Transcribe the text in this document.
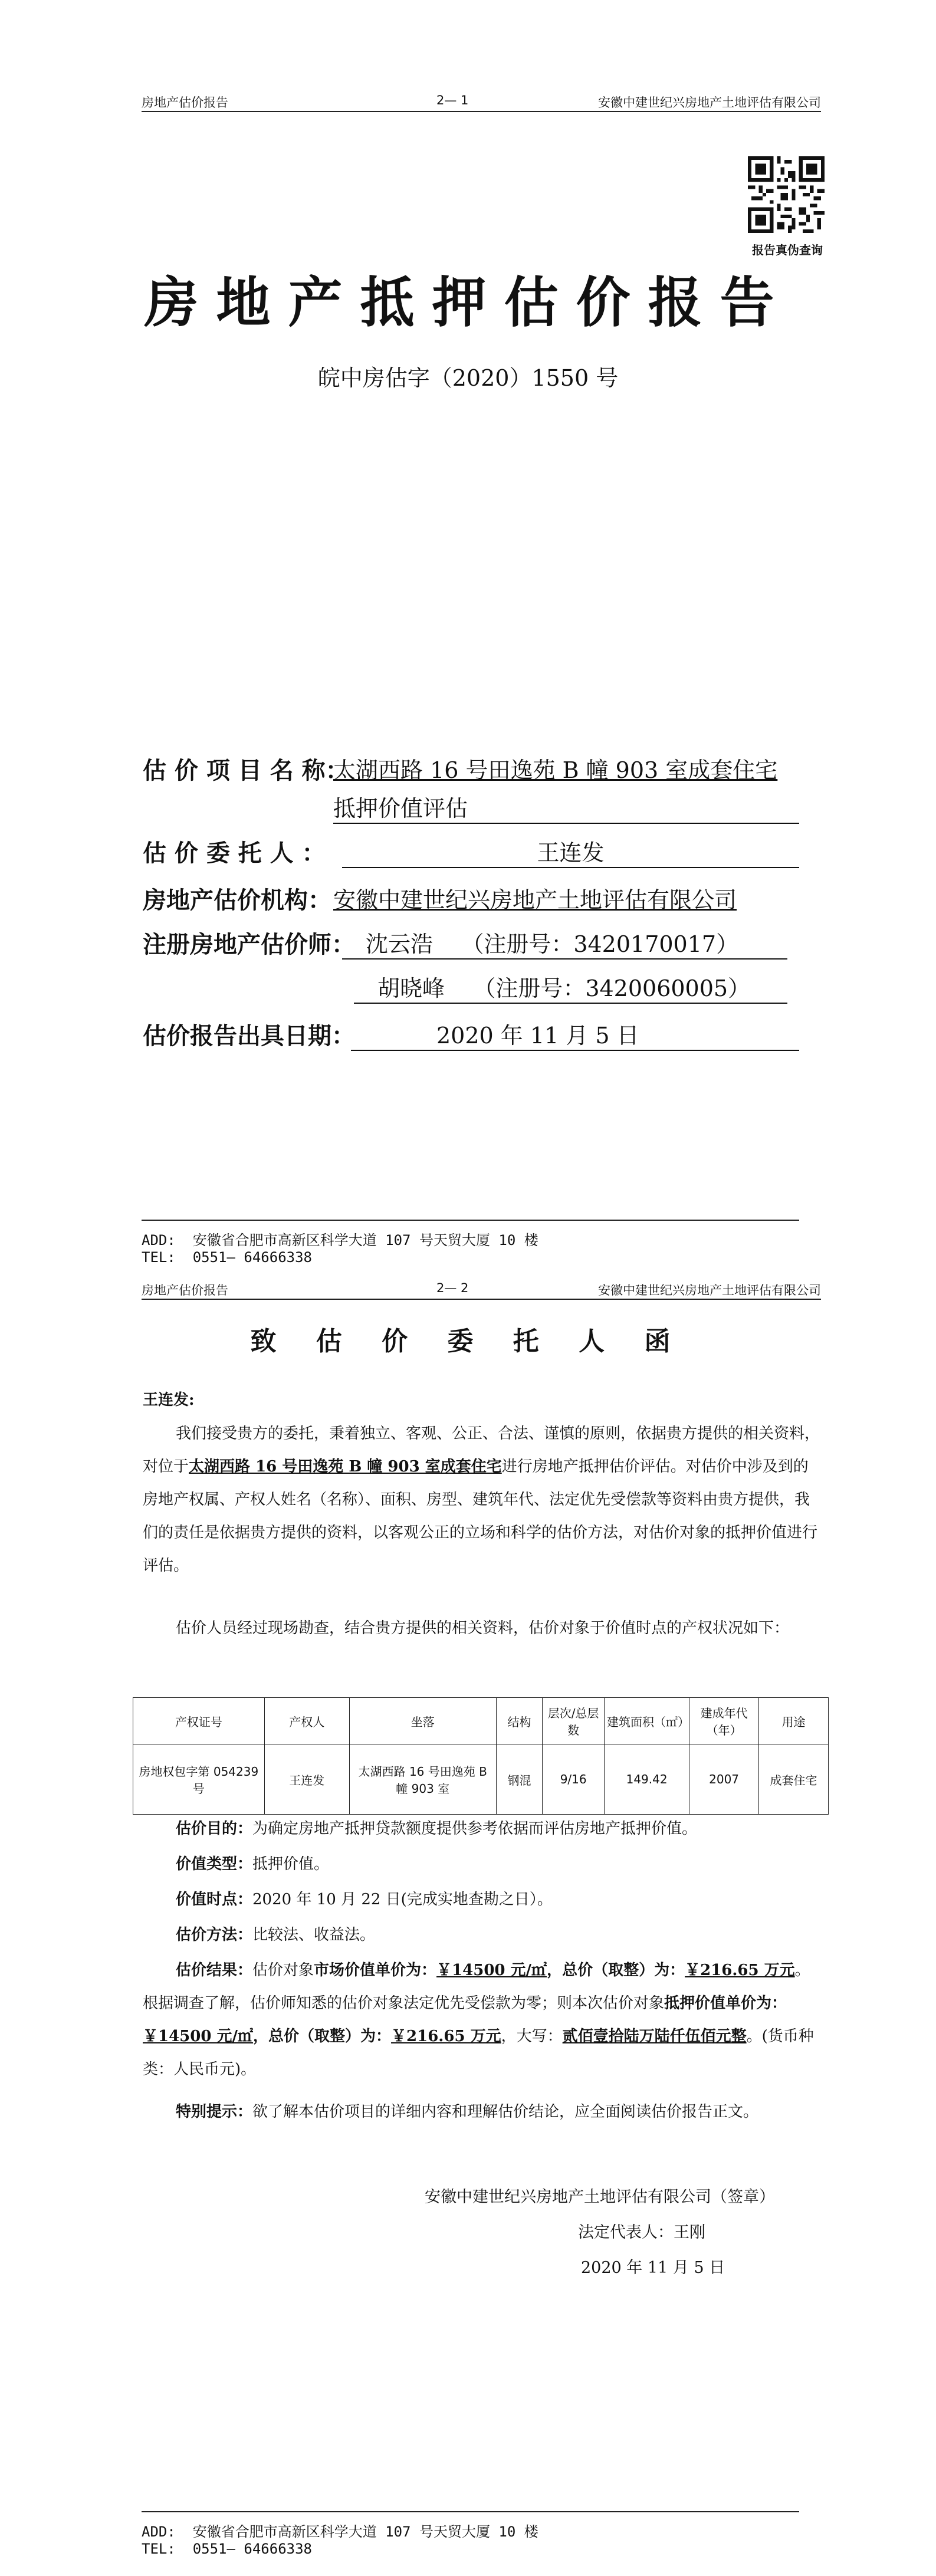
房地产估价报告	2— 1	安徽中建世纪兴房地产土地评估有限公司
报告真伪查询
房地产抵押估价报告
皖中房估字（2020）1550 号
估 价 项 目 名 称：
太湖西路 16 号田逸苑 B 幢 903 室成套住宅
抵押价值评估
估 价 委 托 人 ：	王连发
房地产估价机构： 安徽中建世纪兴房地产土地评估有限公司
注册房地产估价师： 沈云浩    （注册号：3420170017）
胡晓峰    （注册号：3420060005）
估价报告出具日期：	2020 年 11 月 5 日
ADD:  安徽省合肥市高新区科学大道 107 号天贸大厦 10 楼
TEL:  0551— 64666338
房地产估价报告	2— 2	安徽中建世纪兴房地产土地评估有限公司
致 估 价 委 托 人 函
王连发:
我们接受贵方的委托，秉着独立、客观、公正、合法、谨慎的原则，依据贵方提供的相关资料，对位于太湖西路 16 号田逸苑 B 幢 903 室成套住宅进行房地产抵押估价评估。对估价中涉及到的房地产权属、产权人姓名（名称）、面积、房型、建筑年代、法定优先受偿款等资料由贵方提供，我们的责任是依据贵方提供的资料，以客观公正的立场和科学的估价方法，对估价对象的抵押价值进行评估。
估价人员经过现场勘查，结合贵方提供的相关资料，估价对象于价值时点的产权状况如下：
产权证号	产权人	坐落	结构	层次/总层数	建筑面积（㎡）	建成年代（年）	用途
房地权包字第 054239 号	王连发	太湖西路 16 号田逸苑 B 幢 903 室	钢混	9/16	149.42	2007	成套住宅
估价目的：为确定房地产抵押贷款额度提供参考依据而评估房地产抵押价值。
价值类型：抵押价值。
价值时点：2020 年 10 月 22 日(完成实地查勘之日）。
估价方法：比较法、收益法。
估价结果：估价对象市场价值单价为：￥14500 元/㎡，总价（取整）为：￥216.65 万元。根据调查了解，估价师知悉的估价对象法定优先受偿款为零；则本次估价对象抵押价值单价为：￥14500 元/㎡，总价（取整）为：￥216.65 万元，大写：贰佰壹拾陆万陆仟伍佰元整。(货币种类：人民币元)。
特别提示：欲了解本估价项目的详细内容和理解估价结论，应全面阅读估价报告正文。
安徽中建世纪兴房地产土地评估有限公司（签章）
法定代表人：王刚
2020 年 11 月 5 日
ADD:  安徽省合肥市高新区科学大道 107 号天贸大厦 10 楼
TEL:  0551— 64666338
